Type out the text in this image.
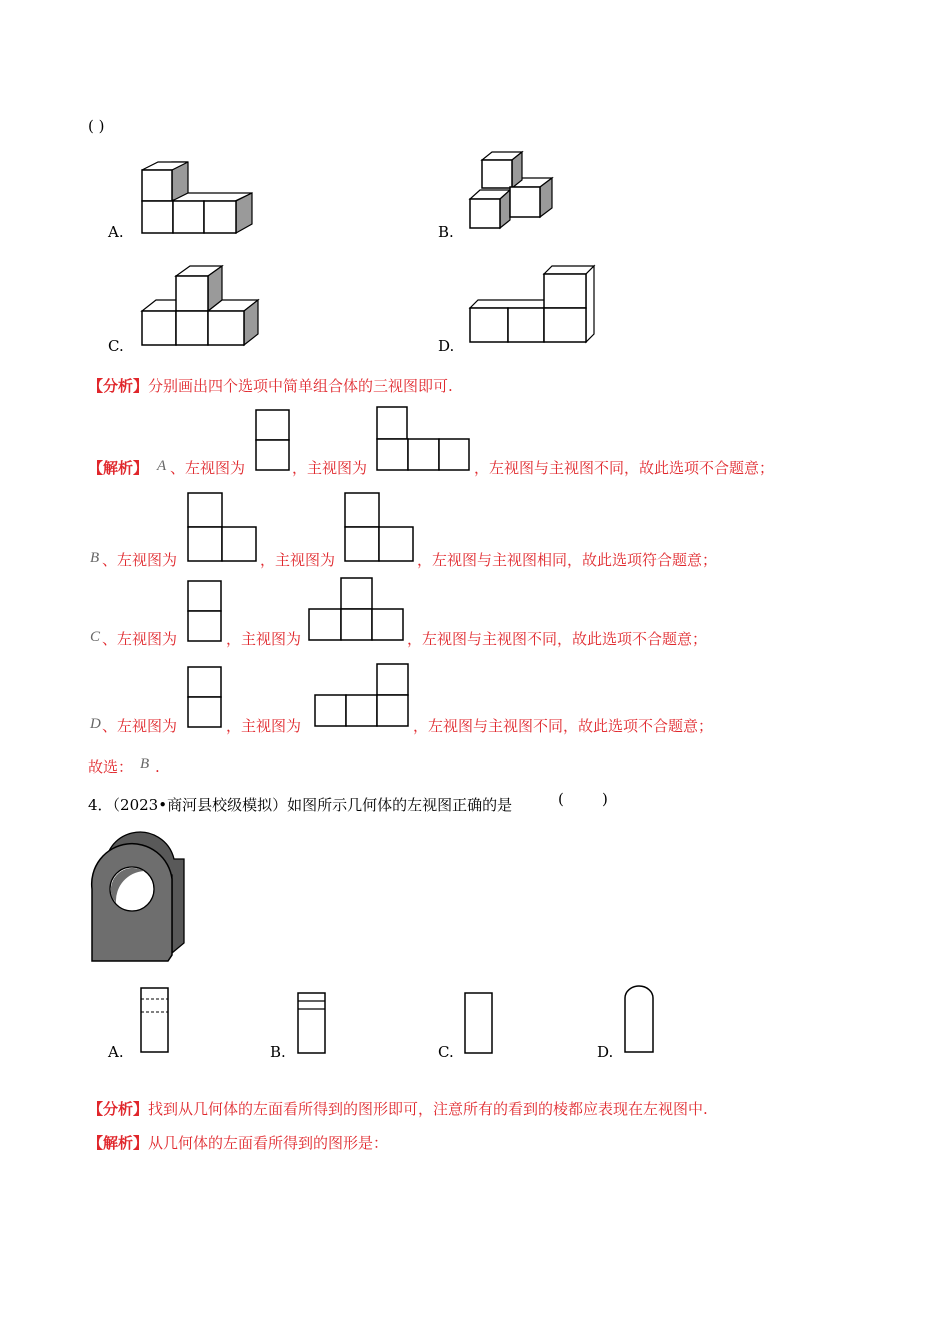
( )
A.	B.
C.	D.
【分析】分别画出四个选项中简单组合体的三视图即可.
【解析】 A 、左视图为	，主视图为	，左视图与主视图不同，故此选项不合题意；
B 、左视图为	，主视图为	，左视图与主视图相同，故此选项符合题意；
C 、左视图为	，主视图为	，左视图与主视图不同，故此选项不合题意；
D 、左视图为	，主视图为	，左视图与主视图不同，故此选项不合题意；
故选： B .
4．（2023•商河县校级模拟）如图所示几何体的左视图正确的是	(	)
A.	B.	C.	D.
【分析】找到从几何体的左面看所得到的图形即可，注意所有的看到的棱都应表现在左视图中.
【解析】从几何体的左面看所得到的图形是：
